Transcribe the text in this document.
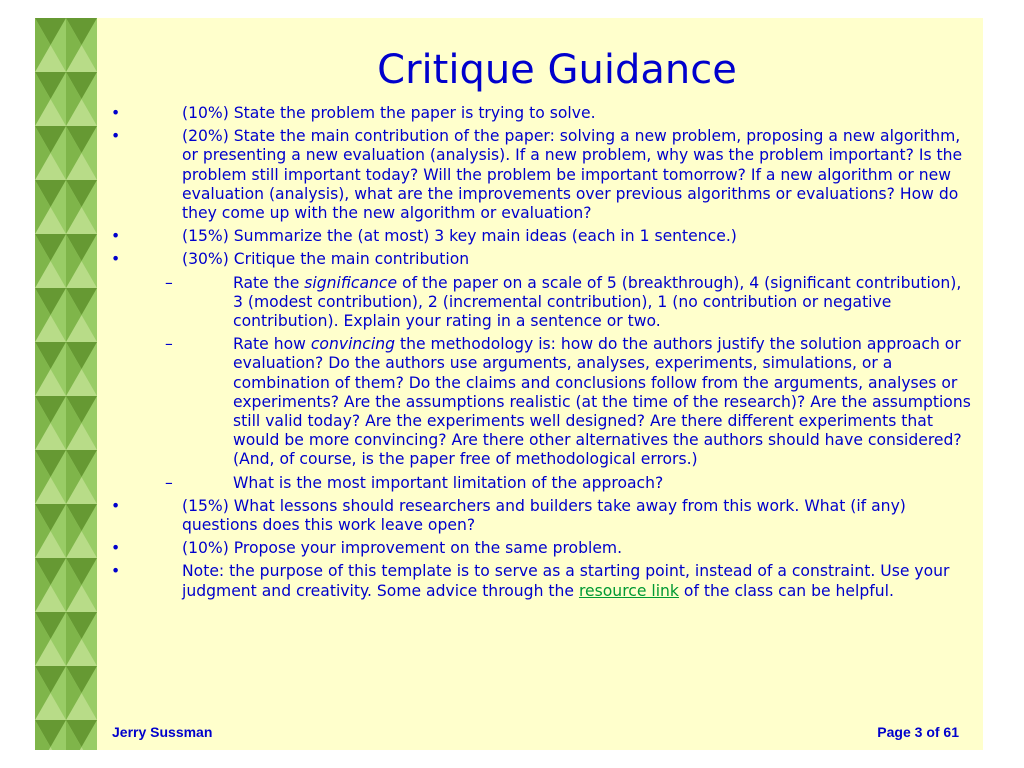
Critique Guidance
•	(10%) State the problem the paper is trying to solve.
•	(20%) State the main contribution of the paper: solving a new problem, proposing a new algorithm, or presenting a new evaluation (analysis). If a new problem, why was the problem important? Is the problem still important today? Will the problem be important tomorrow? If a new algorithm or new evaluation (analysis), what are the improvements over previous algorithms or evaluations? How do they come up with the new algorithm or evaluation?
•	(15%) Summarize the (at most) 3 key main ideas (each in 1 sentence.)
•	(30%) Critique the main contribution
–	Rate the significance of the paper on a scale of 5 (breakthrough), 4 (significant contribution), 3 (modest contribution), 2 (incremental contribution), 1 (no contribution or negative contribution). Explain your rating in a sentence or two.
–	Rate how convincing the methodology is: how do the authors justify the solution approach or evaluation? Do the authors use arguments, analyses, experiments, simulations, or a combination of them? Do the claims and conclusions follow from the arguments, analyses or experiments? Are the assumptions realistic (at the time of the research)? Are the assumptions still valid today? Are the experiments well designed? Are there different experiments that would be more convincing? Are there other alternatives the authors should have considered? (And, of course, is the paper free of methodological errors.)
–	What is the most important limitation of the approach?
•	(15%) What lessons should researchers and builders take away from this work. What (if any) questions does this work leave open?
•	(10%) Propose your improvement on the same problem.
•	Note: the purpose of this template is to serve as a starting point, instead of a constraint. Use your judgment and creativity. Some advice through the resource link of the class can be helpful.
Jerry Sussman	Page 3 of 61
